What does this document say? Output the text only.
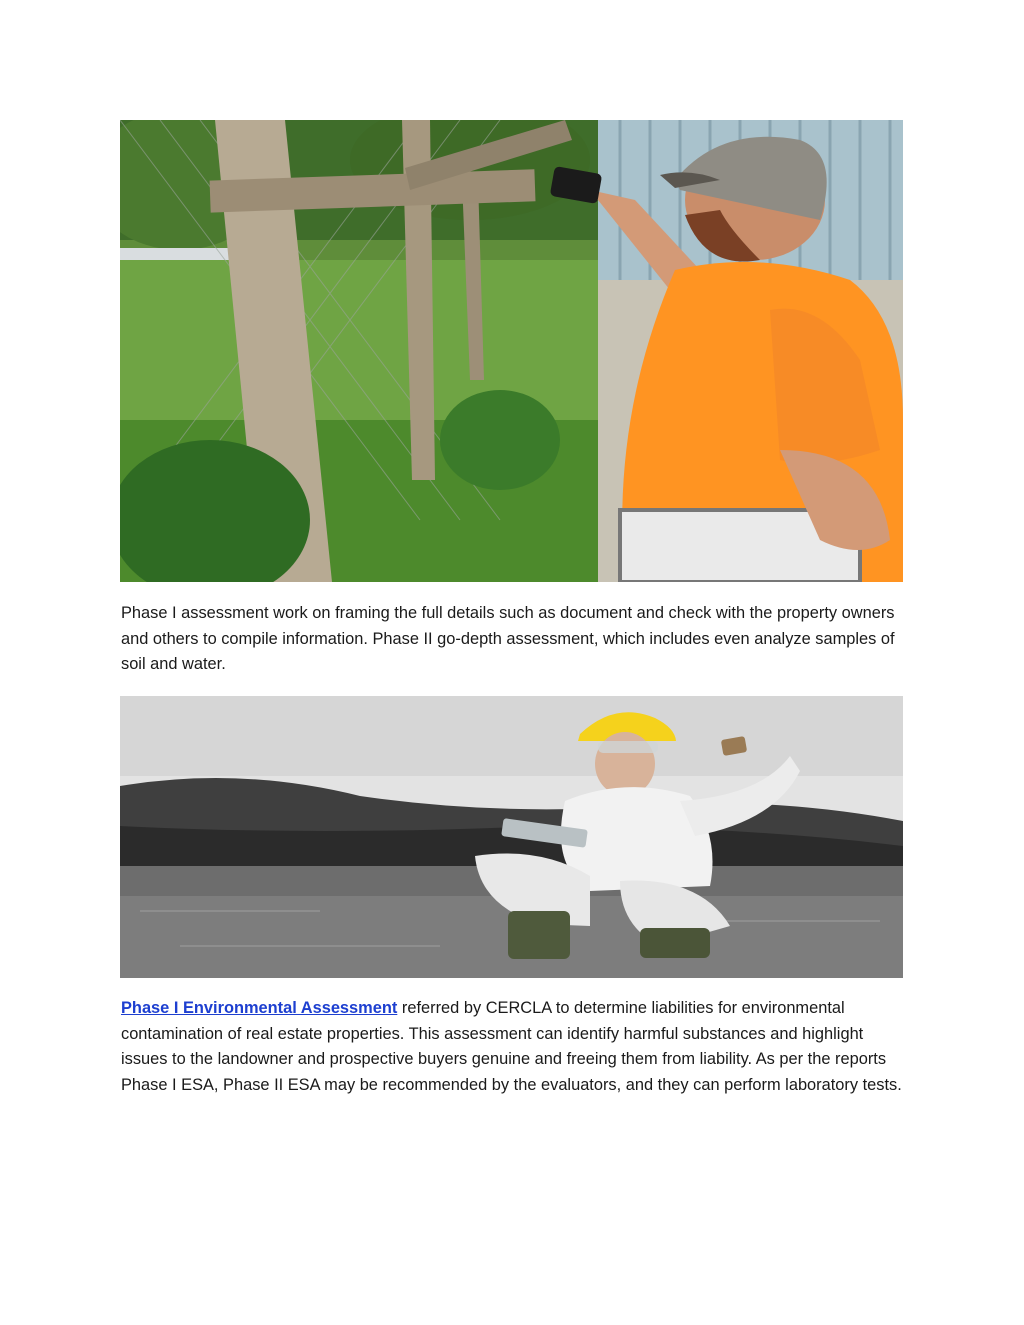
Phase I assessment work on framing the full details such as document and check with the property owners and others to compile information. Phase II go-depth assessment, which includes even analyze samples of soil and water.

Phase I Environmental Assessment referred by CERCLA to determine liabilities for environmental contamination of real estate properties. This assessment can identify harmful substances and highlight issues to the landowner and prospective buyers genuine and freeing them from liability. As per the reports Phase I ESA, Phase II ESA may be recommended by the evaluators, and they can perform laboratory tests.
